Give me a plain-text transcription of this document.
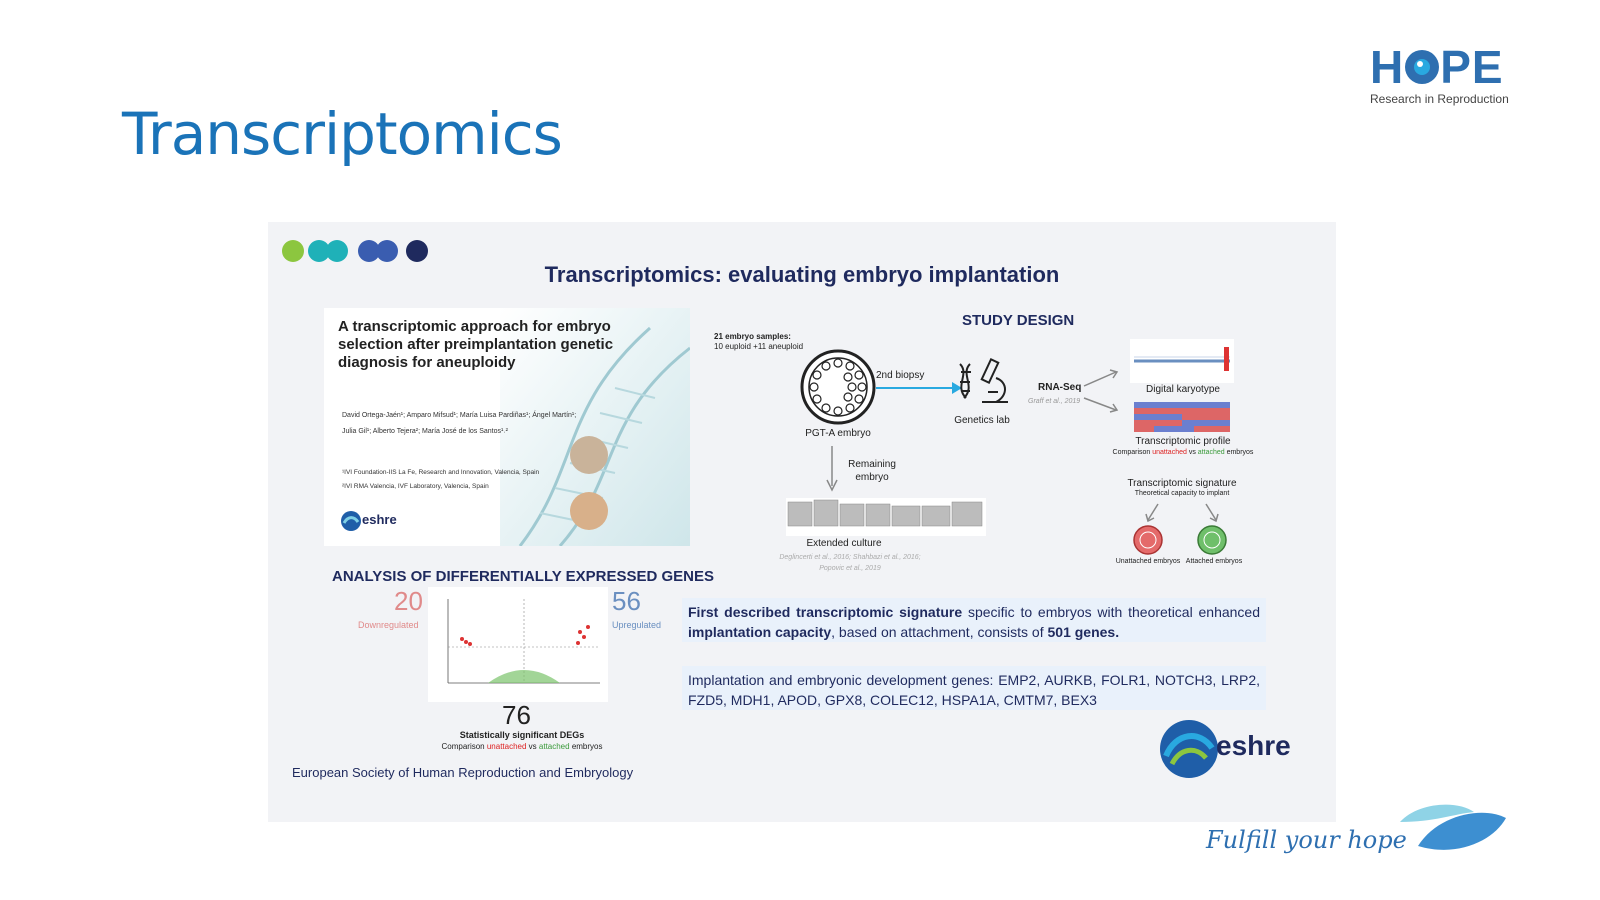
H PE
Research in Reproduction
Transcriptomics
Transcriptomics: evaluating embryo implantation
A transcriptomic approach for embryo selection after preimplantation genetic diagnosis for aneuploidy
David Ortega-Jaén¹; Amparo Mifsud¹; María Luisa Pardiñas¹; Ángel Martín¹;
Julia Gil¹; Alberto Tejera²; María José de los Santos¹˒²
¹IVI Foundation-IIS La Fe, Research and Innovation, Valencia, Spain
²IVI RMA Valencia, IVF Laboratory, Valencia, Spain
eshre
ANALYSIS OF DIFFERENTIALLY EXPRESSED GENES
20
Downregulated
56
Upregulated
76
Statistically significant DEGs
Comparison unattached vs attached embryos
European Society of Human Reproduction and Embryology
STUDY DESIGN
21 embryo samples:
10 euploid +11 aneuploid
PGT-A embryo
2nd biopsy
Genetics lab
RNA-Seq
Graff et al., 2019
Digital karyotype
Transcriptomic profile
Comparison unattached vs attached embryos
Transcriptomic signature
Theoretical capacity to implant
Unattached embryos Attached embryos
Remaining embryo
Extended culture
Deglincerti et al., 2016; Shahbazi et al., 2016;
Popovic et al., 2019
First described transcriptomic signature specific to embryos with theoretical enhanced implantation capacity, based on attachment, consists of 501 genes.
Implantation and embryonic development genes: EMP2, AURKB, FOLR1, NOTCH3, LRP2, FZD5, MDH1, APOD, GPX8, COLEC12, HSPA1A, CMTM7, BEX3
eshre
Fulfill your hope
